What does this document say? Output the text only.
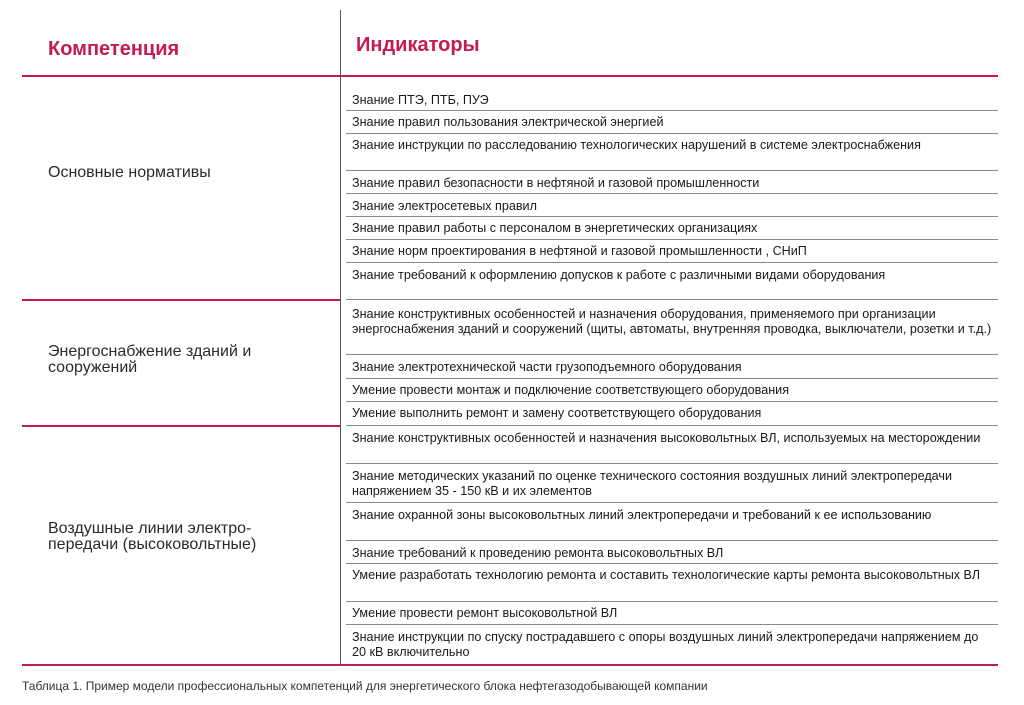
Компетенция	Индикаторы
Основные нормативы
Энергоснабжение зданий и сооружений
Воздушные линии электро-передачи (высоковольтные)
Знание ПТЭ, ПТБ, ПУЭ
Знание правил пользования электрической энергией
Знание инструкции по расследованию технологических нарушений в системе электроснабжения
Знание правил безопасности в нефтяной и газовой промышленности
Знание электросетевых правил
Знание правил работы с персоналом в энергетических организациях
Знание норм проектирования в нефтяной и газовой промышленности , СНиП
Знание требований к оформлению допусков к работе с различными видами оборудования
Знание конструктивных особенностей и назначения оборудования, применяемого при организации энергоснабжения зданий и сооружений (щиты, автоматы, внутренняя проводка, выключатели, розетки и т.д.)
Знание электротехнической части грузоподъемного оборудования
Умение провести монтаж и подключение соответствующего оборудования
Умение выполнить ремонт и замену соответствующего оборудования
Знание конструктивных особенностей и назначения высоковольтных ВЛ, используемых на месторождении
Знание методических указаний по оценке технического состояния воздушных линий электропередачи напряжением 35 - 150 кВ и их элементов
Знание охранной зоны высоковольтных линий электропередачи и требований к ее использованию
Знание требований к проведению ремонта высоковольтных ВЛ
Умение разработать технологию ремонта и составить технологические карты ремонта высоковольтных ВЛ
Умение провести ремонт высоковольтной ВЛ
Знание инструкции по спуску пострадавшего с опоры воздушных линий электропередачи напряжением до 20 кВ включительно
Таблица 1. Пример модели профессиональных компетенций для энергетического блока нефтегазодобывающей компании
